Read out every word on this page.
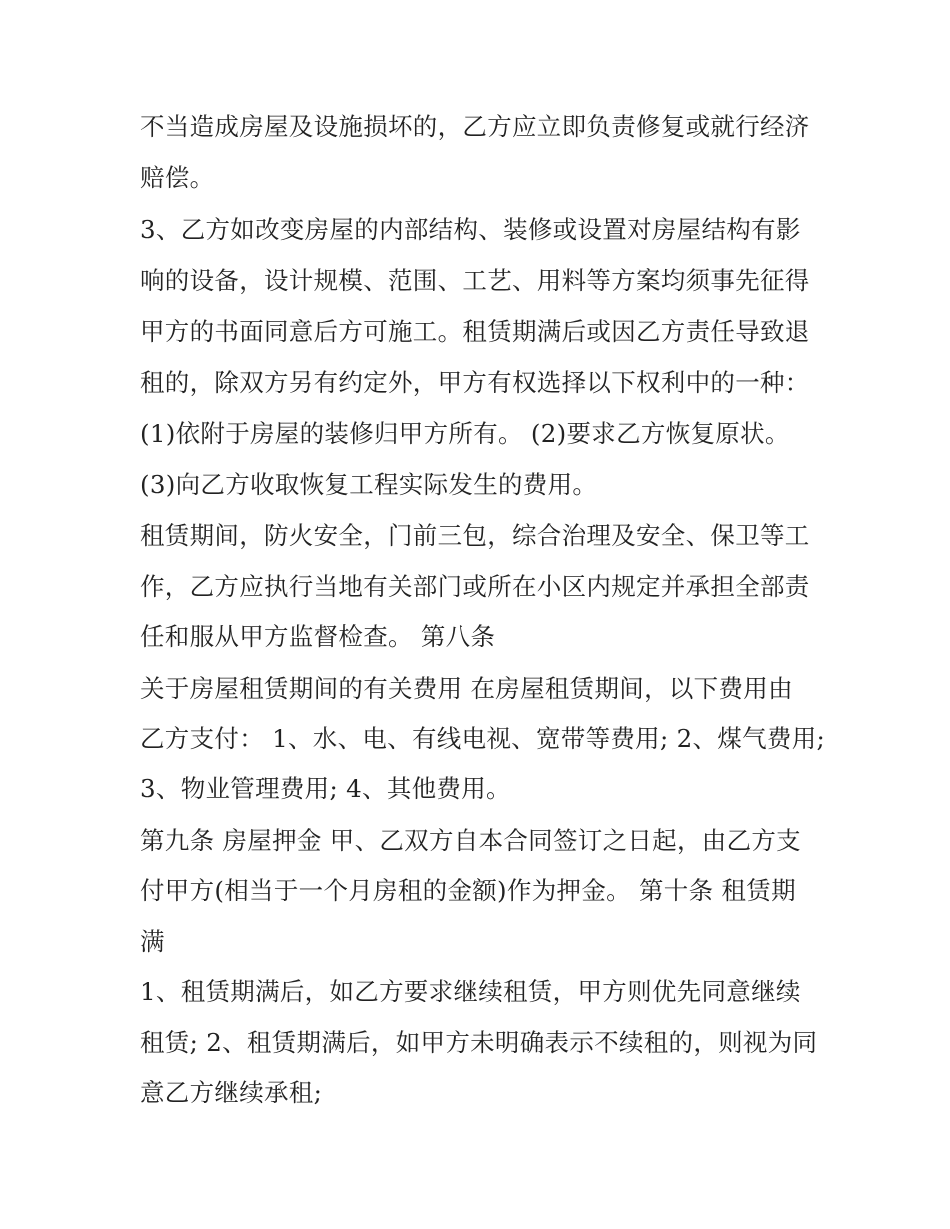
不当造成房屋及设施损坏的，乙方应立即负责修复或就行经济
赔偿。
3、乙方如改变房屋的内部结构、装修或设置对房屋结构有影
响的设备，设计规模、范围、工艺、用料等方案均须事先征得
甲方的书面同意后方可施工。租赁期满后或因乙方责任导致退
租的，除双方另有约定外，甲方有权选择以下权利中的一种：
(1)依附于房屋的装修归甲方所有。 (2)要求乙方恢复原状。
(3)向乙方收取恢复工程实际发生的费用。
租赁期间，防火安全，门前三包，综合治理及安全、保卫等工
作，乙方应执行当地有关部门或所在小区内规定并承担全部责
任和服从甲方监督检查。 第八条
关于房屋租赁期间的有关费用 在房屋租赁期间，以下费用由
乙方支付： 1、水、电、有线电视、宽带等费用; 2、煤气费用;
3、物业管理费用; 4、其他费用。
第九条 房屋押金 甲、乙双方自本合同签订之日起，由乙方支
付甲方(相当于一个月房租的金额)作为押金。 第十条 租赁期
满
1、租赁期满后，如乙方要求继续租赁，甲方则优先同意继续
租赁; 2、租赁期满后，如甲方未明确表示不续租的，则视为同
意乙方继续承租;
